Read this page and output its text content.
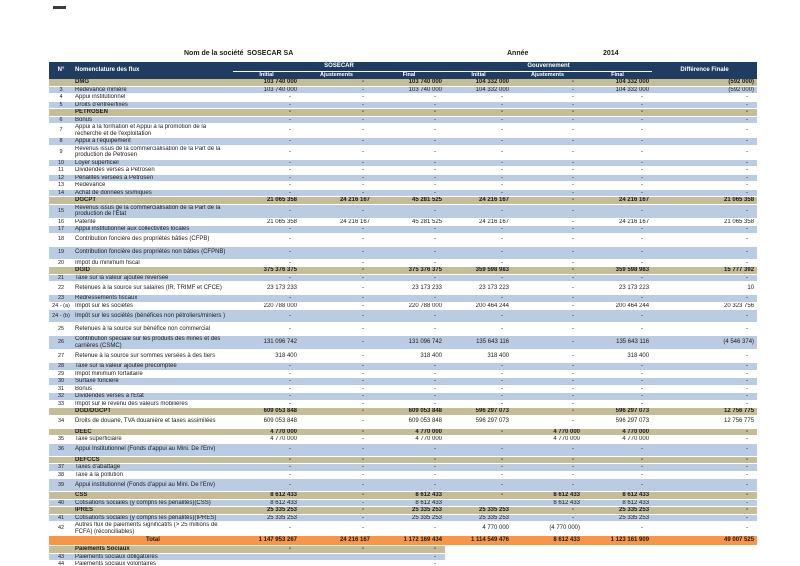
Nom de la société SOSECAR SA	Année	2014
N°	Nomenclature des flux	SOSECAR			Gouvernement			Différence Finale
		Initial	Ajustements	Final	Initial	Ajustements	Final	
	DMG	103 740 000	-	103 740 000	104 332 000	-	104 332 000	(592 000)
3	Redevance minière	103 740 000	-	103 740 000	104 332 000	-	104 332 000	(592 000)
4	Appui institutionnel	-	-	-	-	-	-	-
5	Droits d'entrée/fixes	-	-	-	-	-	-	-
	PETROSEN	-	-	-	-	-	-	-
6	Bonus	-	-	-	-	-	-	-
7	Appui à la formation et Appui à la promotion de la recherche et de l'exploitation	-	-	-	-	-	-	-
8	Appui à l'équipement	-	-	-	-	-	-	-
9	Revenus issus de la commercialisation de la Part de la production de Petrosen	-	-	-	-	-	-	-
10	Loyer superficiel	-	-	-	-	-	-	-
11	Dividendes versés à Petrosen	-	-	-	-	-	-	-
12	Pénalités versées à Petrosen	-	-	-	-	-	-	-
13	Redevance	-	-	-	-	-	-	-
14	Achat de données sismiques	-	-	-	-	-	-	-
	DGCPT	21 065 358	24 216 167	45 281 525	24 216 167	-	24 216 167	21 065 358
15	Revenus issus de la commercialisation de la Part de la production de l'État	-	-	-	-	-	-	-
16	Patente	21 065 358	24 216 167	45 281 525	24 216 167	-	24 216 167	21 065 358
17	Appui institutionnel aux collectivités locales	-	-	-	-	-	-	-
18	Contribution foncière des propriétés bâties (CFPB)	-	-	-	-	-	-	-
19	Contribution foncière des propriétés non bâties (CFPNB)	-	-	-	-	-	-	-
20	Impôt du minimum fiscal	-	-	-	-	-	-	-
	DGID	375 376 375	-	375 376 375	359 598 983	-	359 598 983	15 777 392
21	Taxe sur la valeur ajoutée reversée	-	-	-	-	-	-	-
22	Retenues à la source sur salaires (IR, TRIMF et CFCE)	23 173 233	-	23 173 233	23 173 223	-	23 173 223	10
23	Redressements fiscaux	-	-	-	-	-	-	-
24 - (a)	Impôt sur les sociétés	220 788 000	-	220 788 000	200 464 244	-	200 464 244	20 323 756
24 - (b)	Impôt sur les sociétés (bénéfices non pétroliers/miniers )	-	-	-	-	-	-	-
25	Retenues à la source sur bénéfice non commercial	-	-	-	-	-	-	-
26	Contribution spéciale sur les produits des mines et des carrières (CSMC)	131 096 742	-	131 096 742	135 643 116	-	135 643 116	(4 546 374)
27	Retenue à la source sur sommes versées à des tiers	318 400	-	318 400	318 400	-	318 400	-
28	Taxe sur la valeur ajoutée précomptée	-	-	-	-	-	-	-
29	Impôt minimum forfaitaire	-	-	-	-	-	-	-
30	Surtaxe foncière	-	-	-	-	-	-	-
31	Bonus	-	-	-	-	-	-	-
32	Dividendes versés à l'État	-	-	-	-	-	-	-
33	Impôt sur le revenu des valeurs mobilières	-	-	-	-	-	-	-
	DGD/DGCPT	609 053 848	-	609 053 848	596 297 073	-	596 297 073	12 756 775
34	Droits de douane, TVA douanière et taxes assimilées	609 053 848	-	609 053 848	596 297 073	-	596 297 073	12 756 775
	DEEC	4 770 000	-	4 770 000	-	4 770 000	4 770 000	-
35	Taxe superficiaire	4 770 000	-	4 770 000		4 770 000	4 770 000	-
36	Appui Institutionnel (Fonds d'appui au Mini. De l'Env)	-	-	-	-	-	-	-
	DEFCCS	-	-	-	-	-	-	-
37	Taxes d'abattage	-	-	-	-	-	-	-
38	Taxe à la pollution	-	-	-	-	-	-	-
39	Appui institutionnel (Fonds d'appui au Mini. De l'Env)	-	-	-	-	-	-	-
	CSS	8 612 433	-	8 612 433	-	8 612 433	8 612 433	-
40	Cotisations sociales (y compris les pénalités)(CSS)	8 612 433	-	8 612 433		8 612 433	8 612 433	-
	IPRES	25 335 253	-	25 335 253	25 335 253	-	25 335 253	-
41	Cotisations sociales (y compris les pénalités)(IPRES)	25 335 253	-	25 335 253	25 335 253	-	25 335 253	-
42	Autres flux de paiements significatifs (> 25 millions de FCFA) (réconciliables)	-	-	-	4 770 000	(4 770 000)	-	-
	Total	1 147 953 267	24 216 167	1 172 169 434	1 114 549 476	8 612 433	1 123 161 909	49 007 525
	Paiements Sociaux	-	-	-				
43	Paiements sociaux obligatoires			-				
44	Paiements sociaux volontaires			-				
